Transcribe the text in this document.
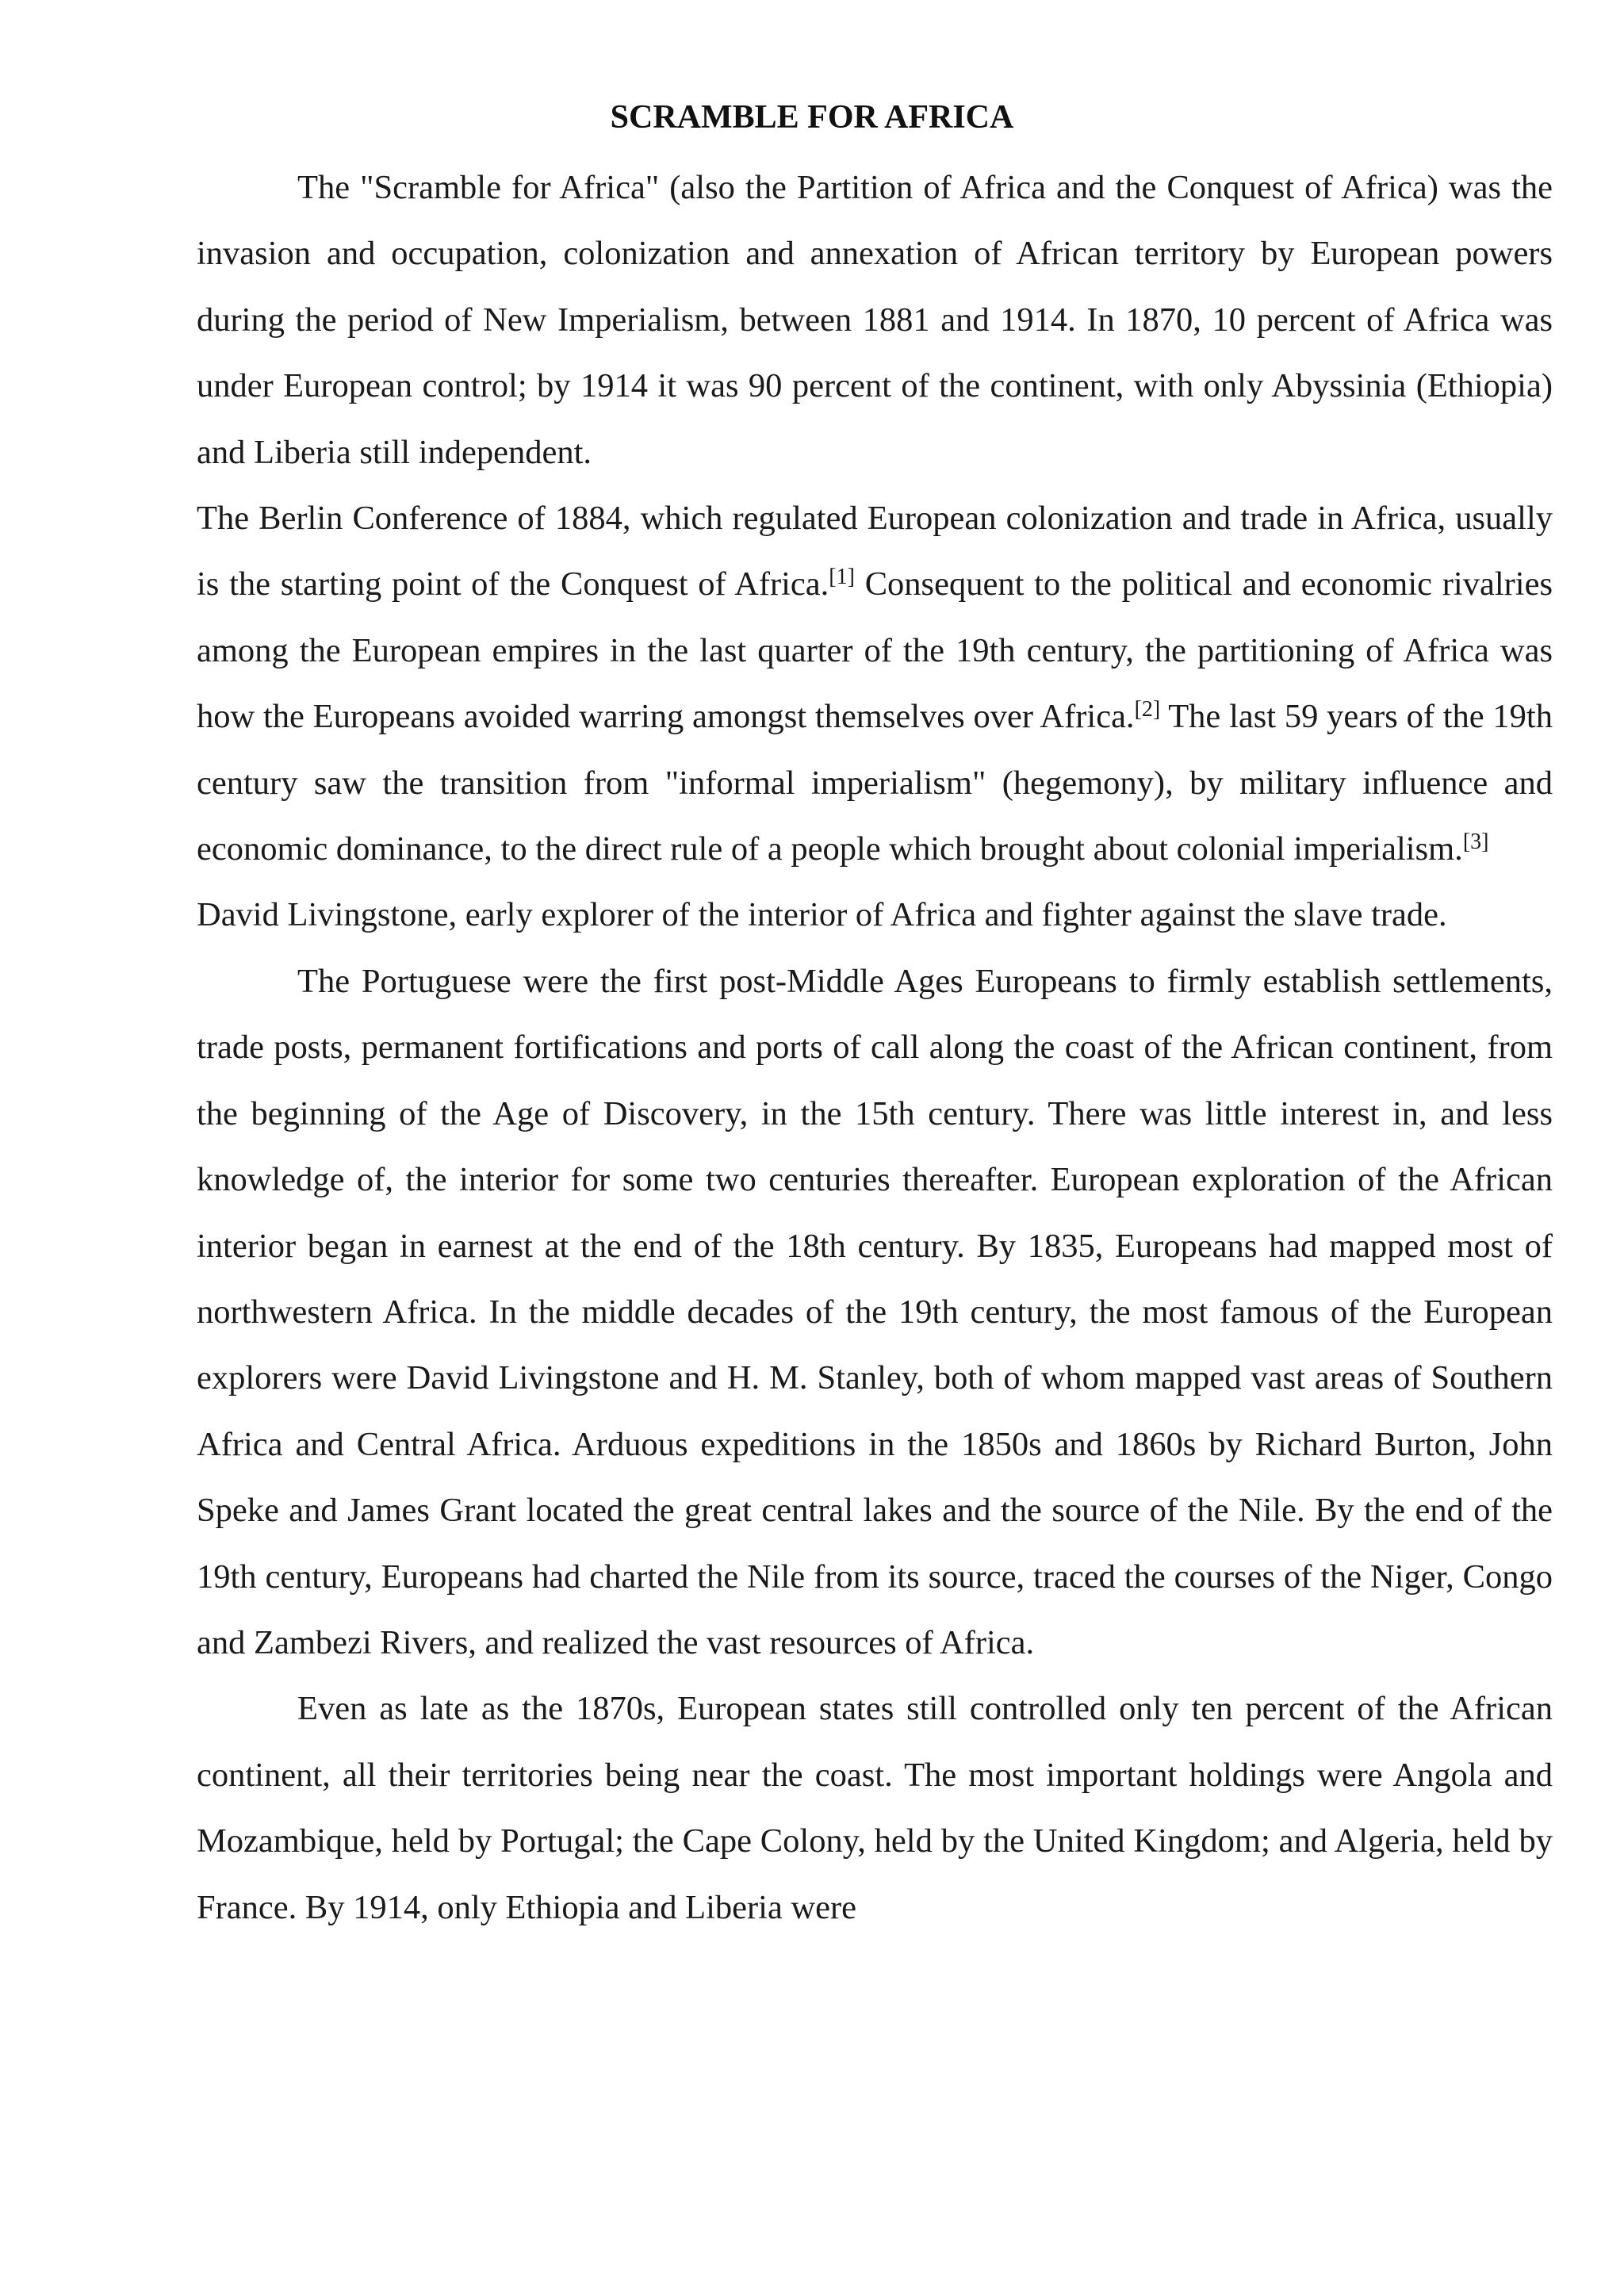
SCRAMBLE FOR AFRICA

The "Scramble for Africa" (also the Partition of Africa and the Conquest of Africa) was the invasion and occupation, colonization and annexation of African territory by European powers during the period of New Imperialism, between 1881 and 1914. In 1870, 10 percent of Africa was under European control; by 1914 it was 90 percent of the continent, with only Abyssinia (Ethiopia) and Liberia still independent.

The Berlin Conference of 1884, which regulated European colonization and trade in Africa, usually is the starting point of the Conquest of Africa.[1] Consequent to the political and economic rivalries among the European empires in the last quarter of the 19th century, the partitioning of Africa was how the Europeans avoided warring amongst themselves over Africa.[2] The last 59 years of the 19th century saw the transition from "informal imperialism" (hegemony), by military influence and economic dominance, to the direct rule of a people which brought about colonial imperialism.[3]

David Livingstone, early explorer of the interior of Africa and fighter against the slave trade.

The Portuguese were the first post-Middle Ages Europeans to firmly establish settlements, trade posts, permanent fortifications and ports of call along the coast of the African continent, from the beginning of the Age of Discovery, in the 15th century. There was little interest in, and less knowledge of, the interior for some two centuries thereafter. European exploration of the African interior began in earnest at the end of the 18th century. By 1835, Europeans had mapped most of northwestern Africa. In the middle decades of the 19th century, the most famous of the European explorers were David Livingstone and H. M. Stanley, both of whom mapped vast areas of Southern Africa and Central Africa. Arduous expeditions in the 1850s and 1860s by Richard Burton, John Speke and James Grant located the great central lakes and the source of the Nile. By the end of the 19th century, Europeans had charted the Nile from its source, traced the courses of the Niger, Congo and Zambezi Rivers, and realized the vast resources of Africa.

Even as late as the 1870s, European states still controlled only ten percent of the African continent, all their territories being near the coast. The most important holdings were Angola and Mozambique, held by Portugal; the Cape Colony, held by the United Kingdom; and Algeria, held by France. By 1914, only Ethiopia and Liberia were
